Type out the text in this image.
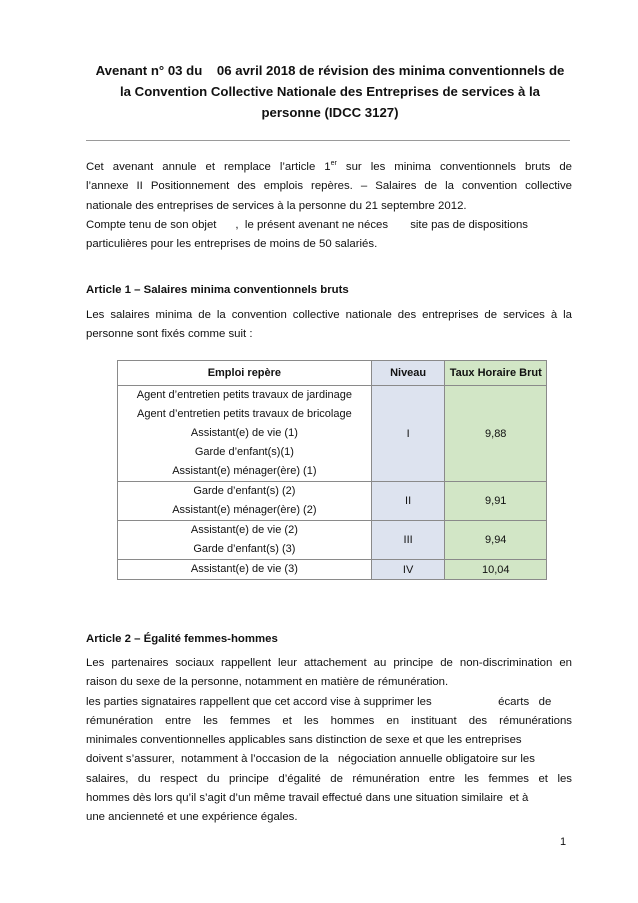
Avenant n° 03 du    06 avril 2018 de révision des minima conventionnels de
la Convention Collective Nationale des Entreprises de services à la
personne (IDCC 3127)
Cet avenant annule et remplace l’article 1er sur les minima conventionnels bruts de
l’annexe II Positionnement des emplois repères. – Salaires de la convention collective
nationale des entreprises de services à la personne du 21 septembre 2012.
Compte tenu de son objet      ,  le présent avenant ne néces       site pas de dispositions
particulières pour les entreprises de moins de 50 salariés.
Article 1 – Salaires minima conventionnels bruts
Les salaires minima de la convention collective nationale des entreprises de services à la
personne sont fixés comme suit :
Emploi repère	Niveau	Taux Horaire Brut

Agent d’entretien petits travaux de jardinage
Agent d’entretien petits travaux de bricolage
Assistant(e) de vie (1)
Garde d’enfant(s)(1)
Assistant(e) ménager(ère) (1)	I	9,88

Garde d’enfant(s) (2)
Assistant(e) ménager(ère) (2)	II	9,91

Assistant(e) de vie (2)
Garde d’enfant(s) (3)	III	9,94

Assistant(e) de vie (3)	IV	10,04
Article 2 – Égalité femmes-hommes
Les partenaires sociaux rappellent leur attachement au principe de non-discrimination en
raison du sexe de la personne, notamment en matière de rémunération.
les parties signataires rappellent que cet accord vise à supprimer les                     écarts   de
rémunération entre les femmes et les hommes en instituant des rémunérations
minimales conventionnelles applicables sans distinction de sexe et que les entreprises
doivent s’assurer,  notamment à l’occasion de la   négociation annuelle obligatoire sur les
salaires, du respect du principe d’égalité de rémunération entre les femmes et les
hommes dès lors qu’il s’agit d’un même travail effectué dans une situation similaire  et à
une ancienneté et une expérience égales.
1
